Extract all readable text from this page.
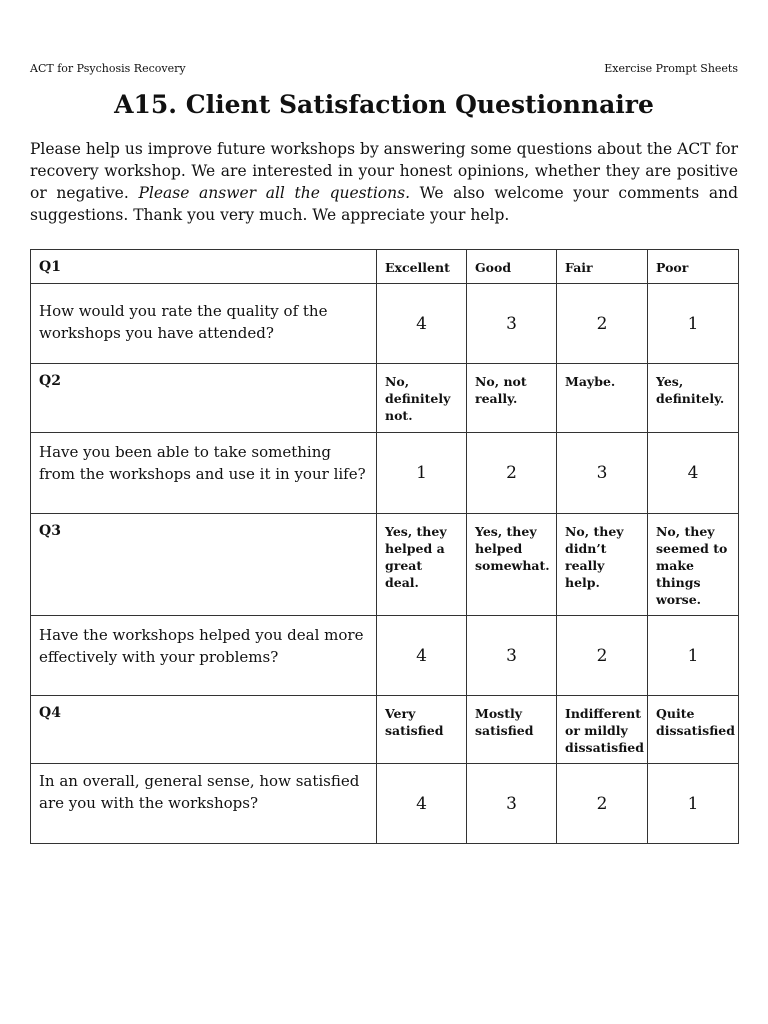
ACT for Psychosis Recovery	Exercise Prompt Sheets
A15. Client Satisfaction Questionnaire

Please help us improve future workshops by answering some questions about the ACT for recovery workshop. We are interested in your honest opinions, whether they are positive or negative. Please answer all the questions. We also welcome your comments and suggestions. Thank you very much. We appreciate your help.

Q1	Excellent	Good	Fair	Poor
How would you rate the quality of the workshops you have attended?	4	3	2	1
Q2	No, definitely not.	No, not really.	Maybe.	Yes, definitely.
Have you been able to take something from the workshops and use it in your life?	1	2	3	4
Q3	Yes, they helped a great deal.	Yes, they helped somewhat.	No, they didn’t really help.	No, they seemed to make things worse.
Have the workshops helped you deal more effectively with your problems?	4	3	2	1
Q4	Very satisfied	Mostly satisfied	Indifferent or mildly dissatisfied	Quite dissatisfied
In an overall, general sense, how satisfied are you with the workshops?	4	3	2	1
